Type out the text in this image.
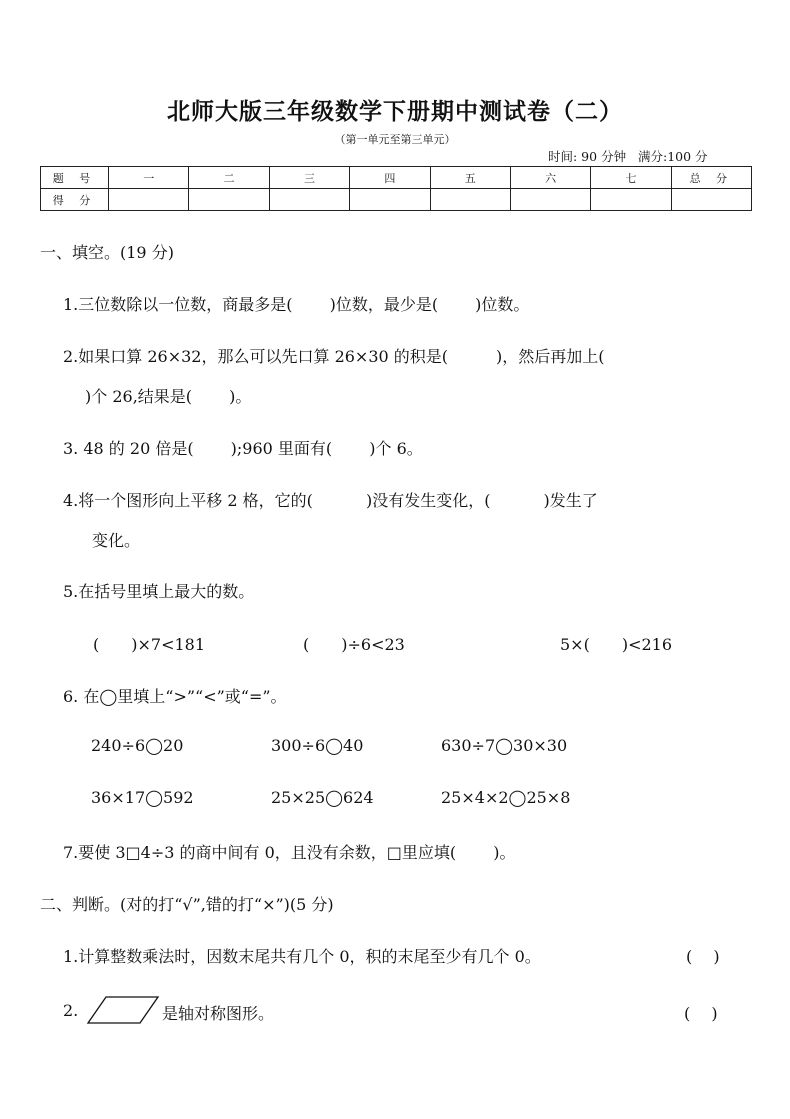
北师大版三年级数学下册期中测试卷（二）
（第一单元至第三单元）
时间: 90 分钟 满分:100 分
题 号	一	二	三	四	五	六	七	总 分
得 分								
一、填空。(19 分)
1.三位数除以一位数，商最多是(　　 )位数，最少是(　　 )位数。
2.如果口算 26×32，那么可以先口算 26×30 的积是(　　　)，然后再加上(
)个 26,结果是(　　 )。
3. 48 的 20 倍是(　　 );960 里面有(　　 )个 6。
4.将一个图形向上平移 2 格，它的(　　　 )没有发生变化，(　　　 )发生了
变化。
5.在括号里填上最大的数。
(　　)×7<181	(　　)÷6<23	5×(　　)<216
6. 在◯里填上“>”“<”或“=”。
240÷6◯20	300÷6◯40	630÷7◯30×30
36×17◯592	25×25◯624	25×4×2◯25×8
7.要使 3□4÷3 的商中间有 0，且没有余数，□里应填(　　 )。
二、判断。(对的打“√”,错的打“×”)(5 分)
1.计算整数乘法时，因数末尾共有几个 0，积的末尾至少有几个 0。	(　 )
2.	是轴对称图形。	(　 )
